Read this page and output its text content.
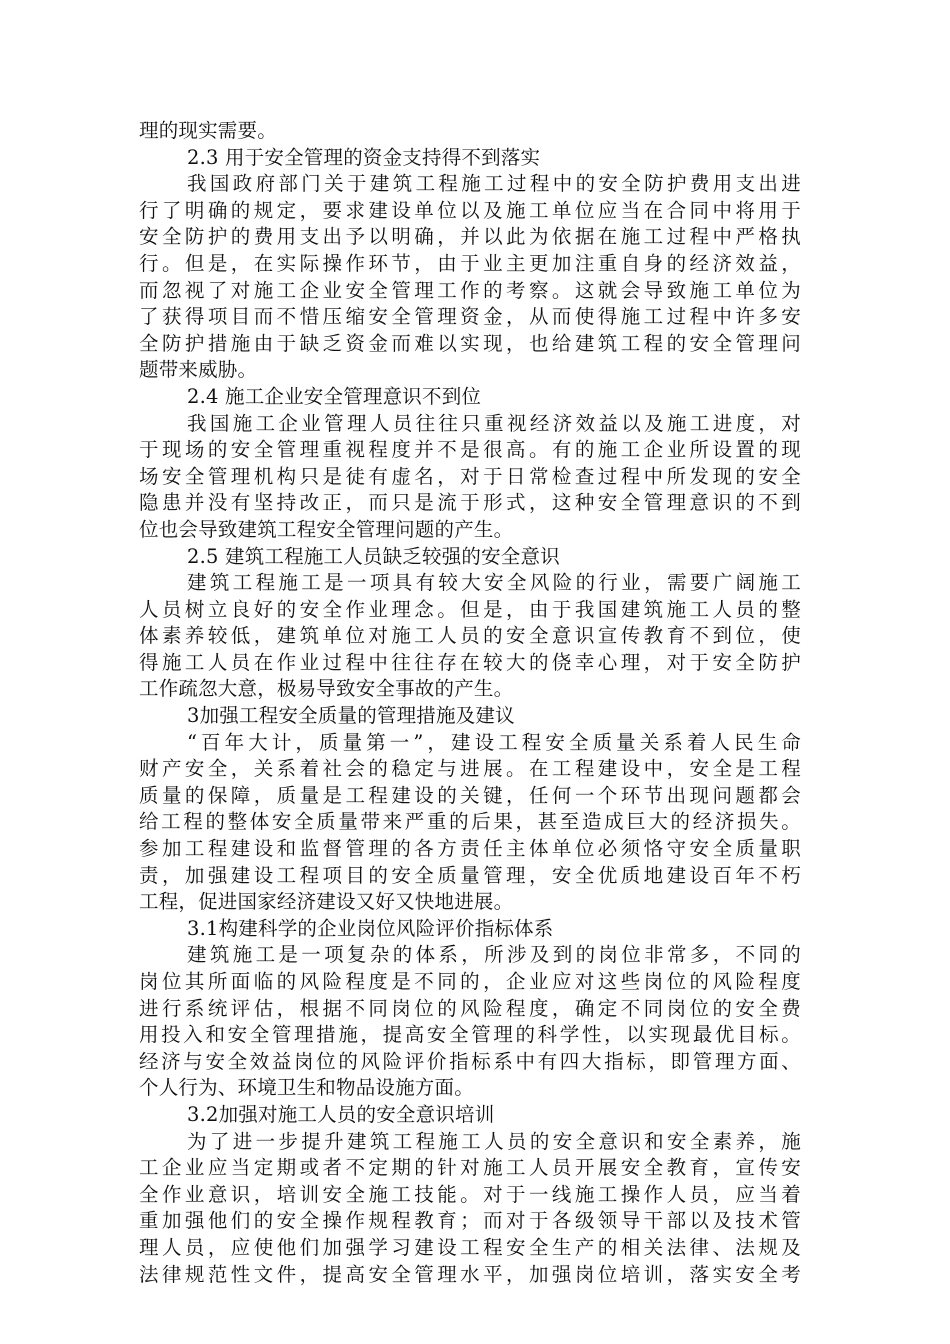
理的现实需要。
2.3 用于安全管理的资金支持得不到落实
我国政府部门关于建筑工程施工过程中的安全防护费用支出进
行了明确的规定，要求建设单位以及施工单位应当在合同中将用于
安全防护的费用支出予以明确，并以此为依据在施工过程中严格执
行。但是，在实际操作环节，由于业主更加注重自身的经济效益，
而忽视了对施工企业安全管理工作的考察。这就会导致施工单位为
了获得项目而不惜压缩安全管理资金，从而使得施工过程中许多安
全防护措施由于缺乏资金而难以实现，也给建筑工程的安全管理问
题带来威胁。
2.4 施工企业安全管理意识不到位
我国施工企业管理人员往往只重视经济效益以及施工进度，对
于现场的安全管理重视程度并不是很高。有的施工企业所设置的现
场安全管理机构只是徒有虚名，对于日常检查过程中所发现的安全
隐患并没有坚持改正，而只是流于形式，这种安全管理意识的不到
位也会导致建筑工程安全管理问题的产生。
2.5 建筑工程施工人员缺乏较强的安全意识
建筑工程施工是一项具有较大安全风险的行业，需要广阔施工
人员树立良好的安全作业理念。但是，由于我国建筑施工人员的整
体素养较低，建筑单位对施工人员的安全意识宣传教育不到位，使
得施工人员在作业过程中往往存在较大的侥幸心理，对于安全防护
工作疏忽大意，极易导致安全事故的产生。
3加强工程安全质量的管理措施及建议
“百年大计，质量第一”，建设工程安全质量关系着人民生命
财产安全，关系着社会的稳定与进展。在工程建设中，安全是工程
质量的保障，质量是工程建设的关键，任何一个环节出现问题都会
给工程的整体安全质量带来严重的后果，甚至造成巨大的经济损失。
参加工程建设和监督管理的各方责任主体单位必须恪守安全质量职
责，加强建设工程项目的安全质量管理，安全优质地建设百年不朽
工程，促进国家经济建设又好又快地进展。
3.1构建科学的企业岗位风险评价指标体系
建筑施工是一项复杂的体系，所涉及到的岗位非常多，不同的
岗位其所面临的风险程度是不同的，企业应对这些岗位的风险程度
进行系统评估，根据不同岗位的风险程度，确定不同岗位的安全费
用投入和安全管理措施，提高安全管理的科学性，以实现最优目标。
经济与安全效益岗位的风险评价指标系中有四大指标，即管理方面、
个人行为、环境卫生和物品设施方面。
3.2加强对施工人员的安全意识培训
为了进一步提升建筑工程施工人员的安全意识和安全素养，施
工企业应当定期或者不定期的针对施工人员开展安全教育，宣传安
全作业意识，培训安全施工技能。对于一线施工操作人员，应当着
重加强他们的安全操作规程教育；而对于各级领导干部以及技术管
理人员，应使他们加强学习建设工程安全生产的相关法律、法规及
法律规范性文件，提高安全管理水平，加强岗位培训，落实安全考
